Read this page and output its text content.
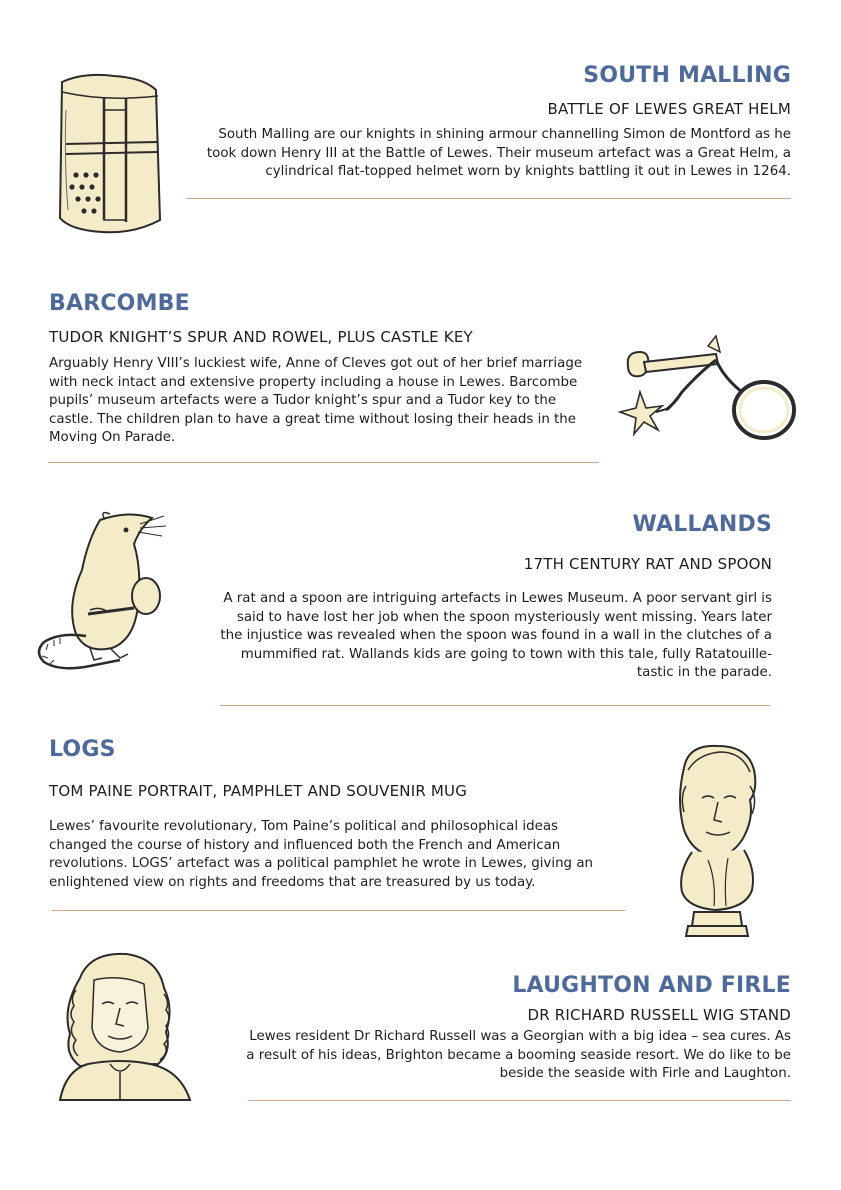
SOUTH MALLING

BATTLE OF LEWES GREAT HELM

South Malling are our knights in shining armour channelling Simon de Montford as he took down Henry III at the Battle of Lewes. Their museum artefact was a Great Helm, a cylindrical flat-topped helmet worn by knights battling it out in Lewes in 1264.

BARCOMBE

TUDOR KNIGHT’S SPUR AND ROWEL, PLUS CASTLE KEY

Arguably Henry VIII’s luckiest wife, Anne of Cleves got out of her brief marriage with neck intact and extensive property including a house in Lewes. Barcombe pupils’ museum artefacts were a Tudor knight’s spur and a Tudor key to the castle. The children plan to have a great time without losing their heads in the Moving On Parade.

WALLANDS

17TH CENTURY RAT AND SPOON

A rat and a spoon are intriguing artefacts in Lewes Museum. A poor servant girl is said to have lost her job when the spoon mysteriously went missing. Years later the injustice was revealed when the spoon was found in a wall in the clutches of a mummified rat. Wallands kids are going to town with this tale, fully Ratatouille-tastic in the parade.

LOGS

TOM PAINE PORTRAIT, PAMPHLET AND SOUVENIR MUG

Lewes’ favourite revolutionary, Tom Paine’s political and philosophical ideas changed the course of history and influenced both the French and American revolutions. LOGS’ artefact was a political pamphlet he wrote in Lewes, giving an enlightened view on rights and freedoms that are treasured by us today.

LAUGHTON AND FIRLE

DR RICHARD RUSSELL WIG STAND

Lewes resident Dr Richard Russell was a Georgian with a big idea – sea cures. As a result of his ideas, Brighton became a booming seaside resort. We do like to be beside the seaside with Firle and Laughton.
